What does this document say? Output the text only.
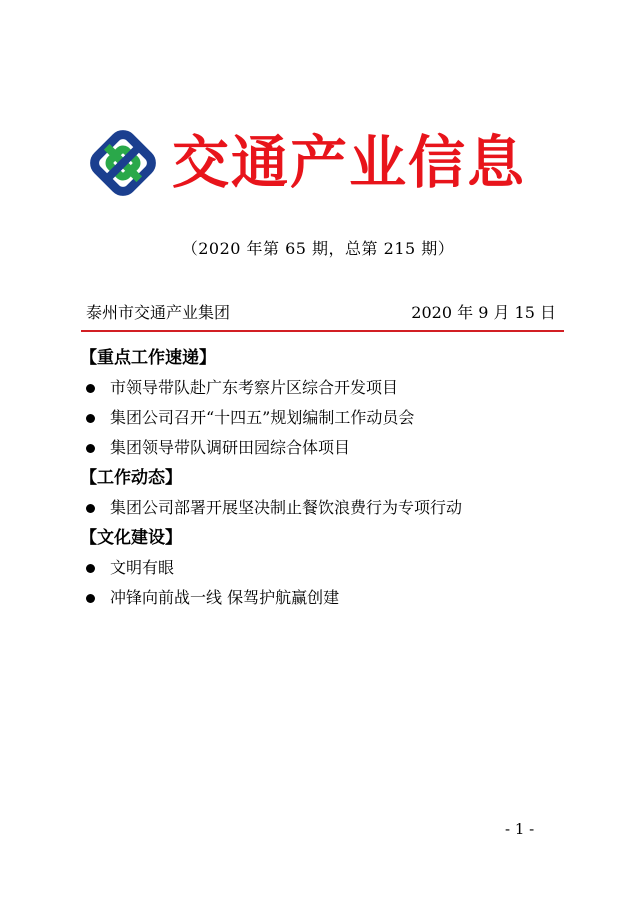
交通产业信息
（2020 年第 65 期，总第 215 期）
泰州市交通产业集团	2020 年 9 月 15 日
【重点工作速递】
市领导带队赴广东考察片区综合开发项目
集团公司召开“十四五”规划编制工作动员会
集团领导带队调研田园综合体项目
【工作动态】
集团公司部署开展坚决制止餐饮浪费行为专项行动
【文化建设】
文明有眼
冲锋向前战一线 保驾护航赢创建
- 1 -
